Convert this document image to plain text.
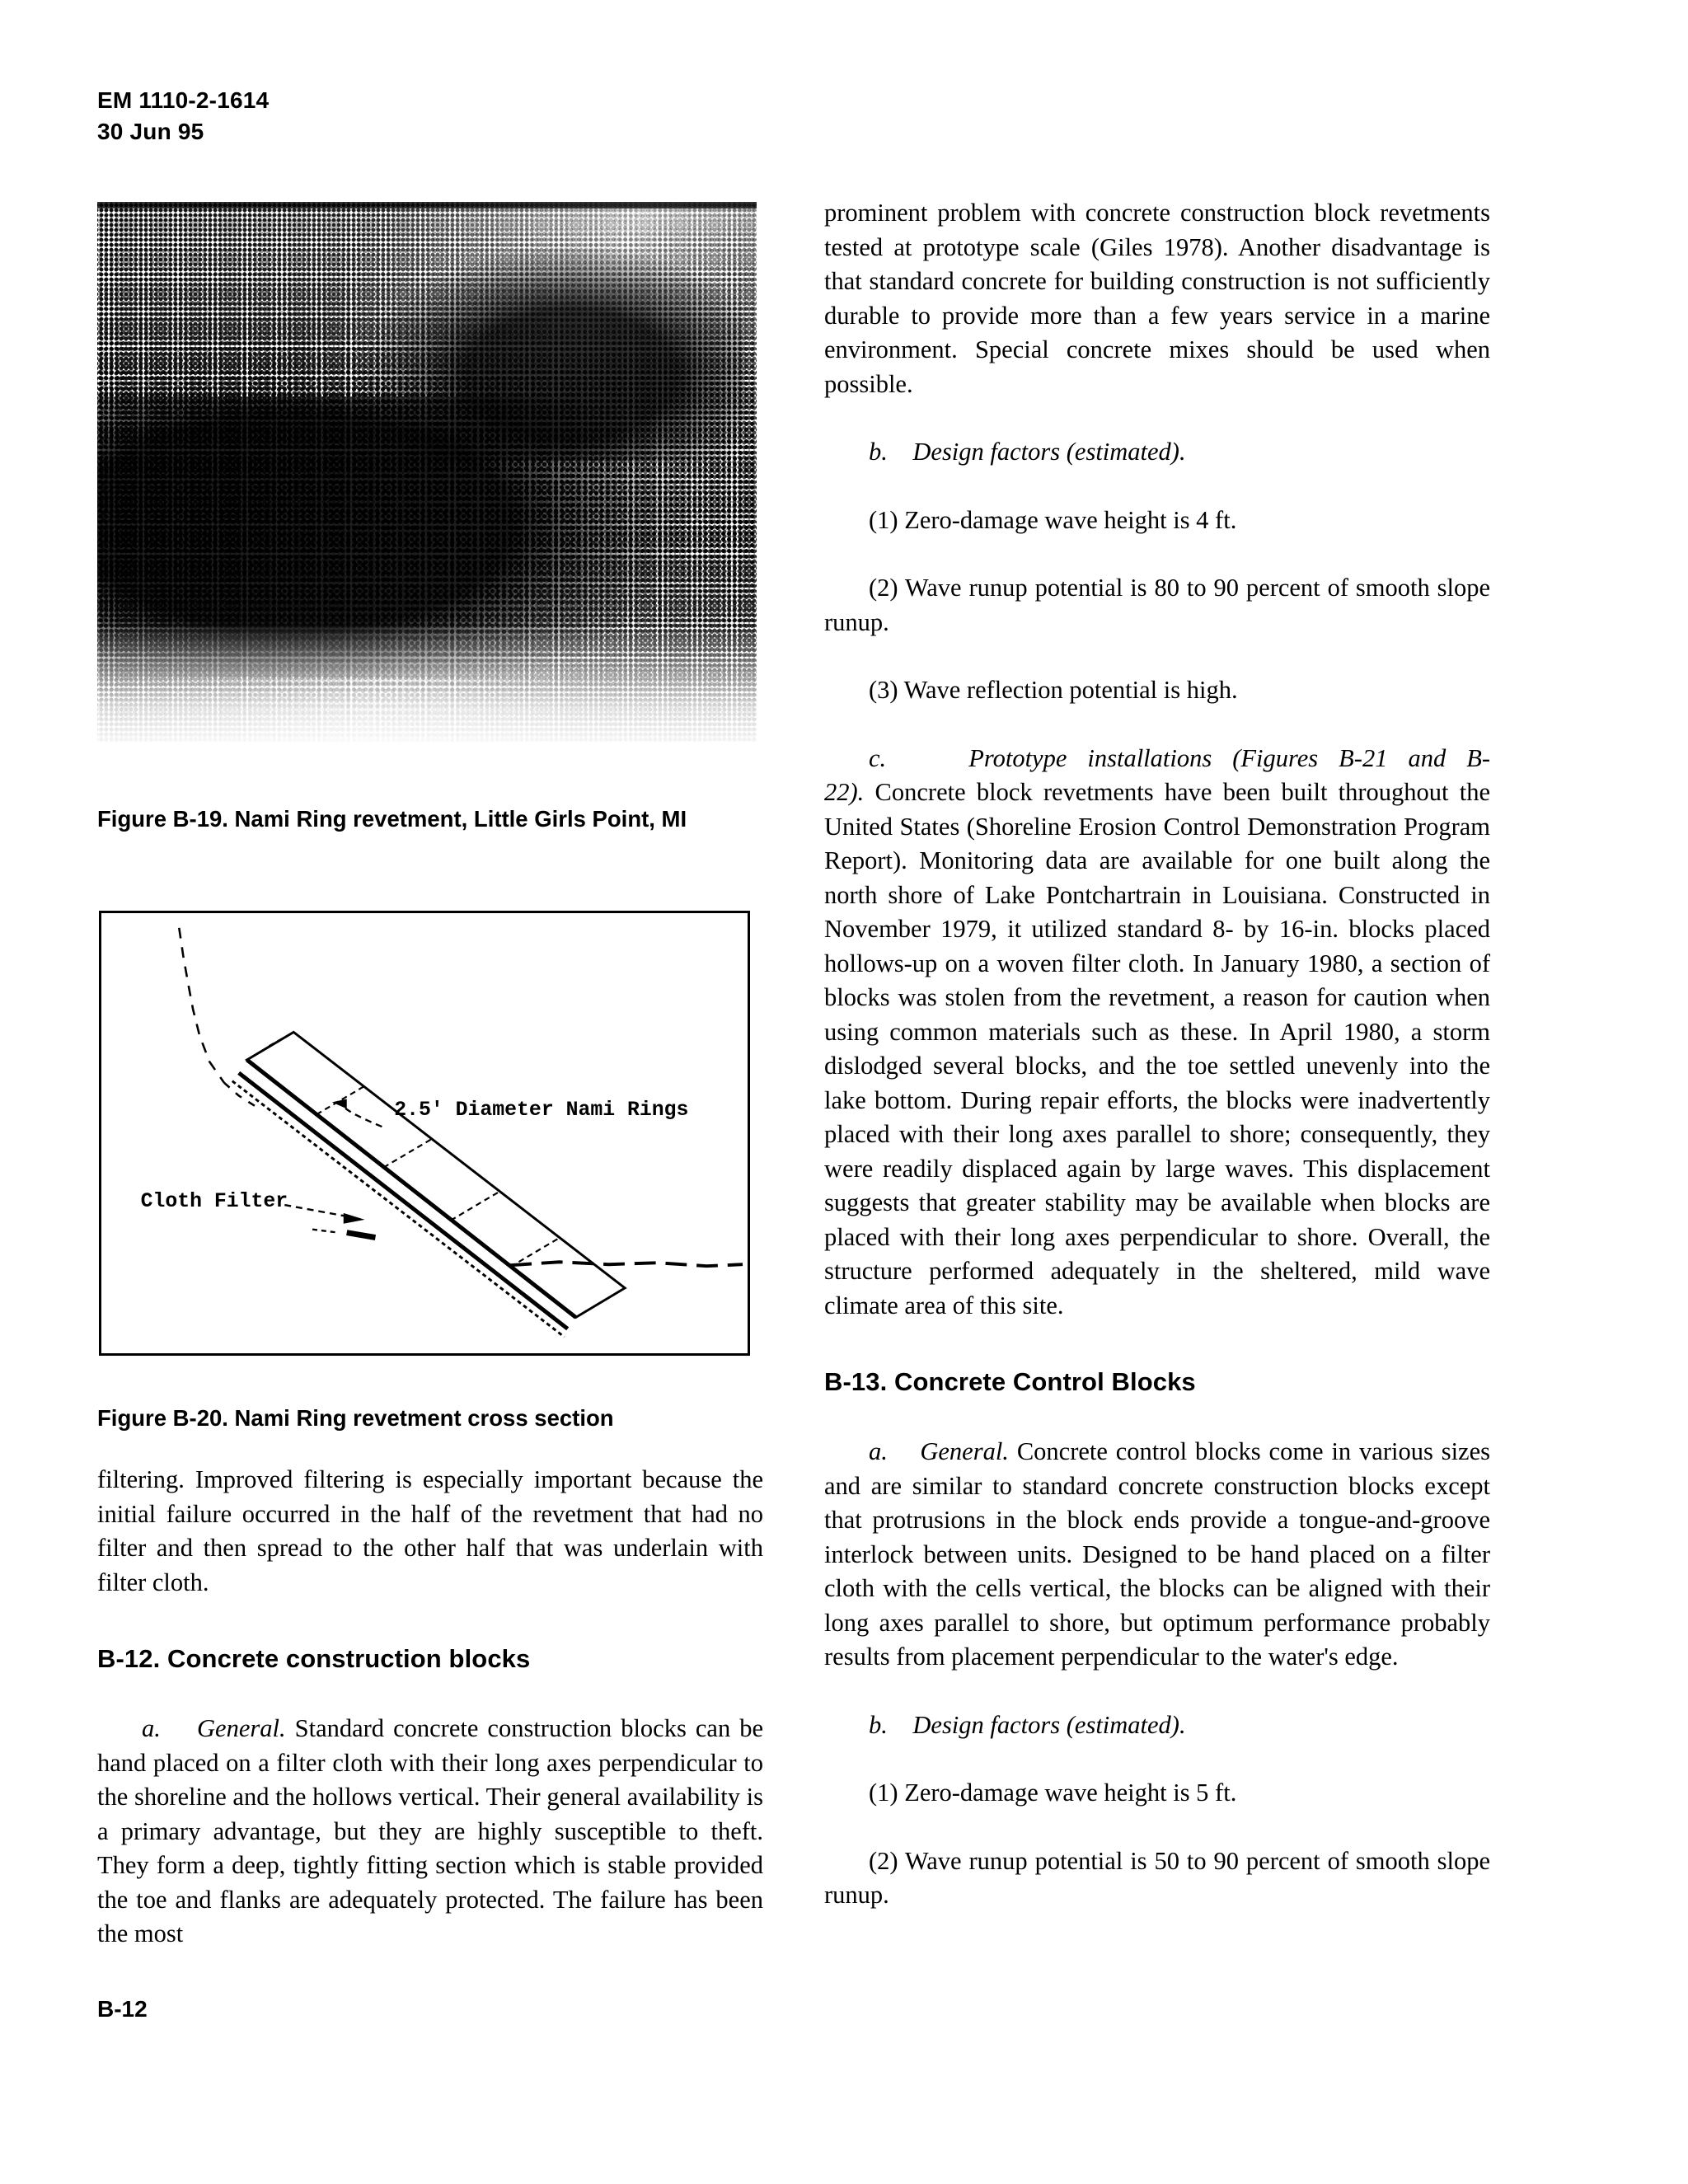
EM 1110-2-1614
30 Jun 95

Figure B-19. Nami Ring revetment, Little Girls Point, MI

2.5' Diameter Nami Rings
Cloth Filter

Figure B-20. Nami Ring revetment cross section

filtering. Improved filtering is especially important because the initial failure occurred in the half of the revetment that had no filter and then spread to the other half that was underlain with filter cloth.

B-12. Concrete construction blocks

a. General. Standard concrete construction blocks can be hand placed on a filter cloth with their long axes perpendicular to the shoreline and the hollows vertical. Their general availability is a primary advantage, but they are highly susceptible to theft. They form a deep, tightly fitting section which is stable provided the toe and flanks are adequately protected. The failure has been the most

prominent problem with concrete construction block revetments tested at prototype scale (Giles 1978). Another disadvantage is that standard concrete for building construction is not sufficiently durable to provide more than a few years service in a marine environment. Special concrete mixes should be used when possible.

b. Design factors (estimated).

(1) Zero-damage wave height is 4 ft.

(2) Wave runup potential is 80 to 90 percent of smooth slope runup.

(3) Wave reflection potential is high.

c.	Prototype installations (Figures B-21 and B-22). Concrete block revetments have been built throughout the United States (Shoreline Erosion Control Demonstration Program Report). Monitoring data are available for one built along the north shore of Lake Pontchartrain in Louisiana. Constructed in November 1979, it utilized standard 8- by 16-in. blocks placed hollows-up on a woven filter cloth. In January 1980, a section of blocks was stolen from the revetment, a reason for caution when using common materials such as these. In April 1980, a storm dislodged several blocks, and the toe settled unevenly into the lake bottom. During repair efforts, the blocks were inadvertently placed with their long axes parallel to shore; consequently, they were readily displaced again by large waves. This displacement suggests that greater stability may be available when blocks are placed with their long axes perpendicular to shore. Overall, the structure performed adequately in the sheltered, mild wave climate area of this site.

B-13. Concrete Control Blocks

a. General. Concrete control blocks come in various sizes and are similar to standard concrete construction blocks except that protrusions in the block ends provide a tongue-and-groove interlock between units. Designed to be hand placed on a filter cloth with the cells vertical, the blocks can be aligned with their long axes parallel to shore, but optimum performance probably results from placement perpendicular to the water's edge.

b. Design factors (estimated).

(1) Zero-damage wave height is 5 ft.

(2) Wave runup potential is 50 to 90 percent of smooth slope runup.

B-12
